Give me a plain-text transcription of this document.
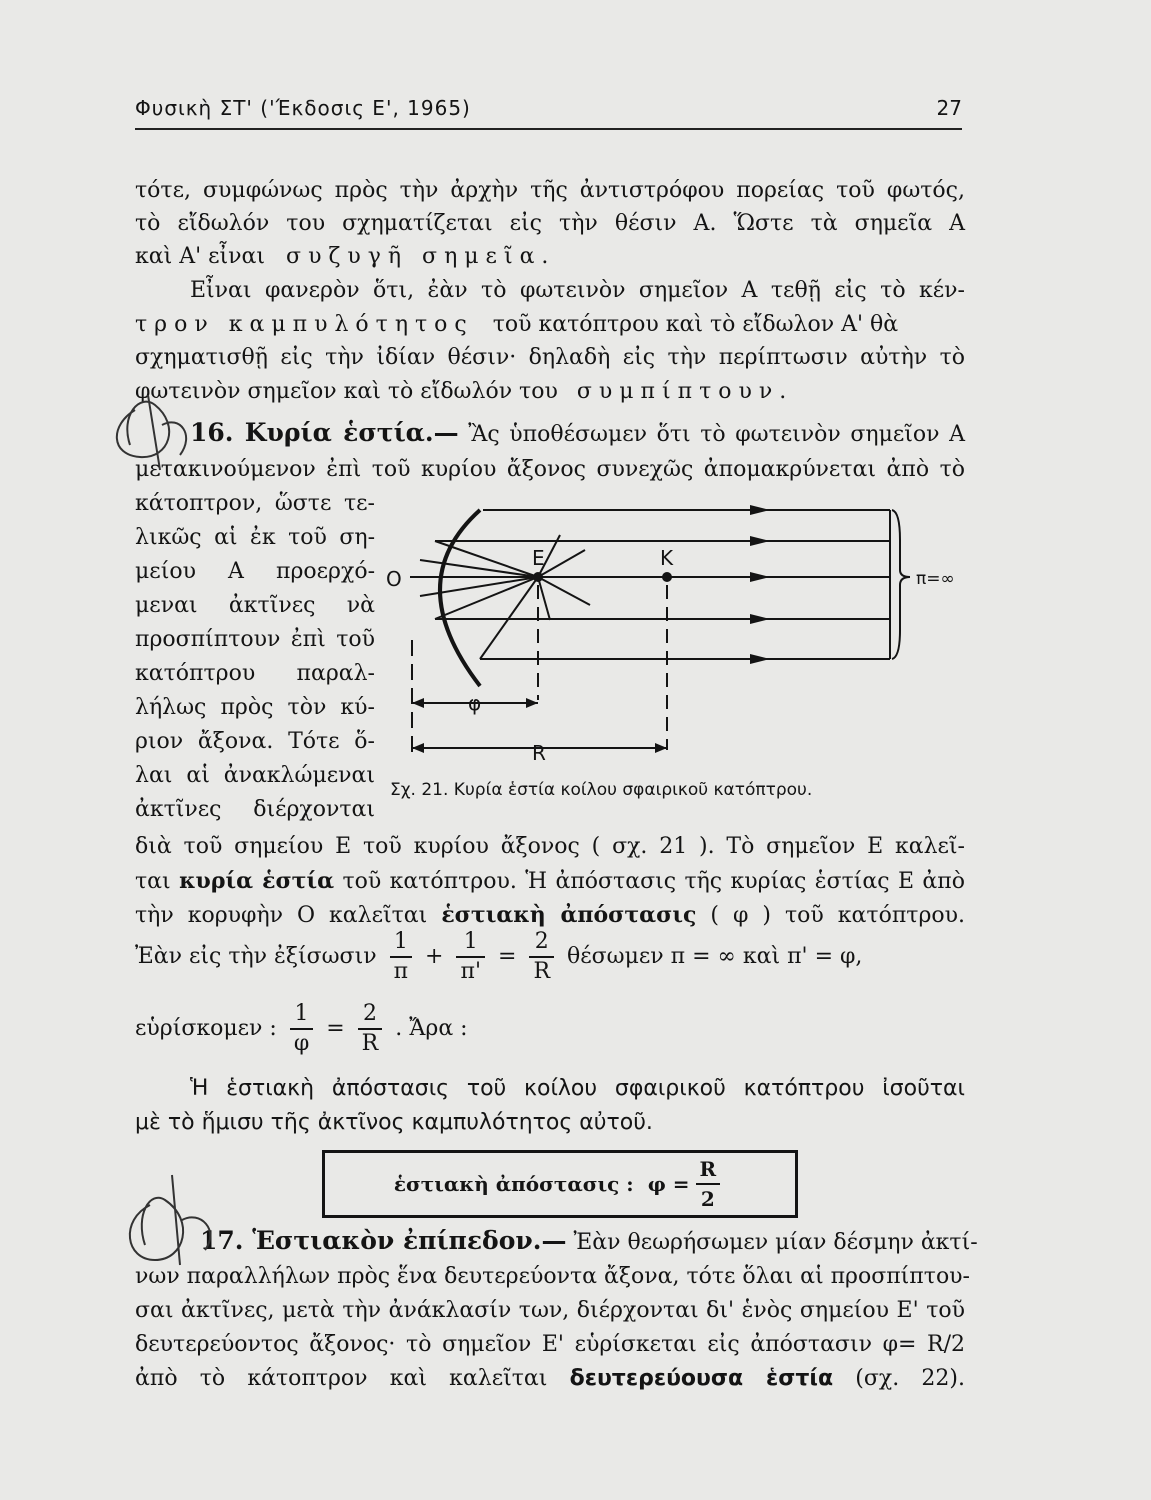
Φυσικὴ ΣΤ' ('Έκδοσις Ε', 1965)	27
τότε, συμφώνως πρὸς τὴν ἀρχὴν τῆς ἀντιστρόφου πορείας τοῦ φωτός,
τὸ εἴδωλόν του σχηματίζεται εἰς τὴν θέσιν Α. Ὥστε τὰ σημεῖα Α
καὶ Α' εἶναι συζυγῆ σημεῖα.
Εἶναι φανερὸν ὅτι, ἐὰν τὸ φωτεινὸν σημεῖον Α τεθῇ εἰς τὸ κέν-
τρον καμπυλότητος τοῦ κατόπτρου καὶ τὸ εἴδωλον Α' θὰ
σχηματισθῇ εἰς τὴν ἰδίαν θέσιν· δηλαδὴ εἰς τὴν περίπτωσιν αὐτὴν τὸ
φωτεινὸν σημεῖον καὶ τὸ εἴδωλόν του συμπίπτουν.
16. Κυρία ἑστία.— Ἂς ὑποθέσωμεν ὅτι τὸ φωτεινὸν σημεῖον Α
μετακινούμενον ἐπὶ τοῦ κυρίου ἄξονος συνεχῶς ἀπομακρύνεται ἀπὸ τὸ
κάτοπτρον, ὥστε τε-
λικῶς αἱ ἐκ τοῦ ση-
μείου Α προερχό-
μεναι ἀκτῖνες νὰ
προσπίπτουν ἐπὶ τοῦ
κατόπτρου παραλ-
λήλως πρὸς τὸν κύ-
ριον ἄξονα. Τότε ὅ-
λαι αἱ ἀνακλώμεναι
ἀκτῖνες διέρχονται
O
E	K
π=∞
φ
R
Σχ. 21. Κυρία ἑστία κοίλου σφαιρικοῦ κατόπτρου.
διὰ τοῦ σημείου Ε τοῦ κυρίου ἄξονος ( σχ. 21 ). Τὸ σημεῖον Ε καλεῖ-
ται κυρία ἑστία τοῦ κατόπτρου. Ἡ ἀπόστασις τῆς κυρίας ἑστίας Ε ἀπὸ
τὴν κορυφὴν Ο καλεῖται ἑστιακὴ ἀπόστασις ( φ ) τοῦ κατόπτρου.
Ἐὰν εἰς τὴν ἐξίσωσιν $\frac{1}{\pi} + \frac{1}{\pi'} = \frac{2}{R}$ θέσωμεν π = ∞ καὶ π' = φ,
εὑρίσκομεν : $\frac{1}{\varphi} = \frac{2}{R}$ . Ἄρα :
Ἡ ἑστιακὴ ἀπόστασις τοῦ κοίλου σφαιρικοῦ κατόπτρου ἰσοῦται
μὲ τὸ ἥμισυ τῆς ἀκτῖνος καμπυλότητος αὐτοῦ.
ἑστιακὴ ἀπόστασις : $\varphi = \frac{R}{2}$
17. Ἑστιακὸν ἐπίπεδον.— Ἐὰν θεωρήσωμεν μίαν δέσμην ἀκτί-
νων παραλλήλων πρὸς ἕνα δευτερεύοντα ἄξονα, τότε ὅλαι αἱ προσπίπτου-
σαι ἀκτῖνες, μετὰ τὴν ἀνάκλασίν των, διέρχονται δι' ἑνὸς σημείου Ε' τοῦ
δευτερεύοντος ἄξονος· τὸ σημεῖον Ε' εὑρίσκεται εἰς ἀπόστασιν φ= R/2
ἀπὸ τὸ κάτοπτρον καὶ καλεῖται δευτερεύουσα ἑστία (σχ. 22).
